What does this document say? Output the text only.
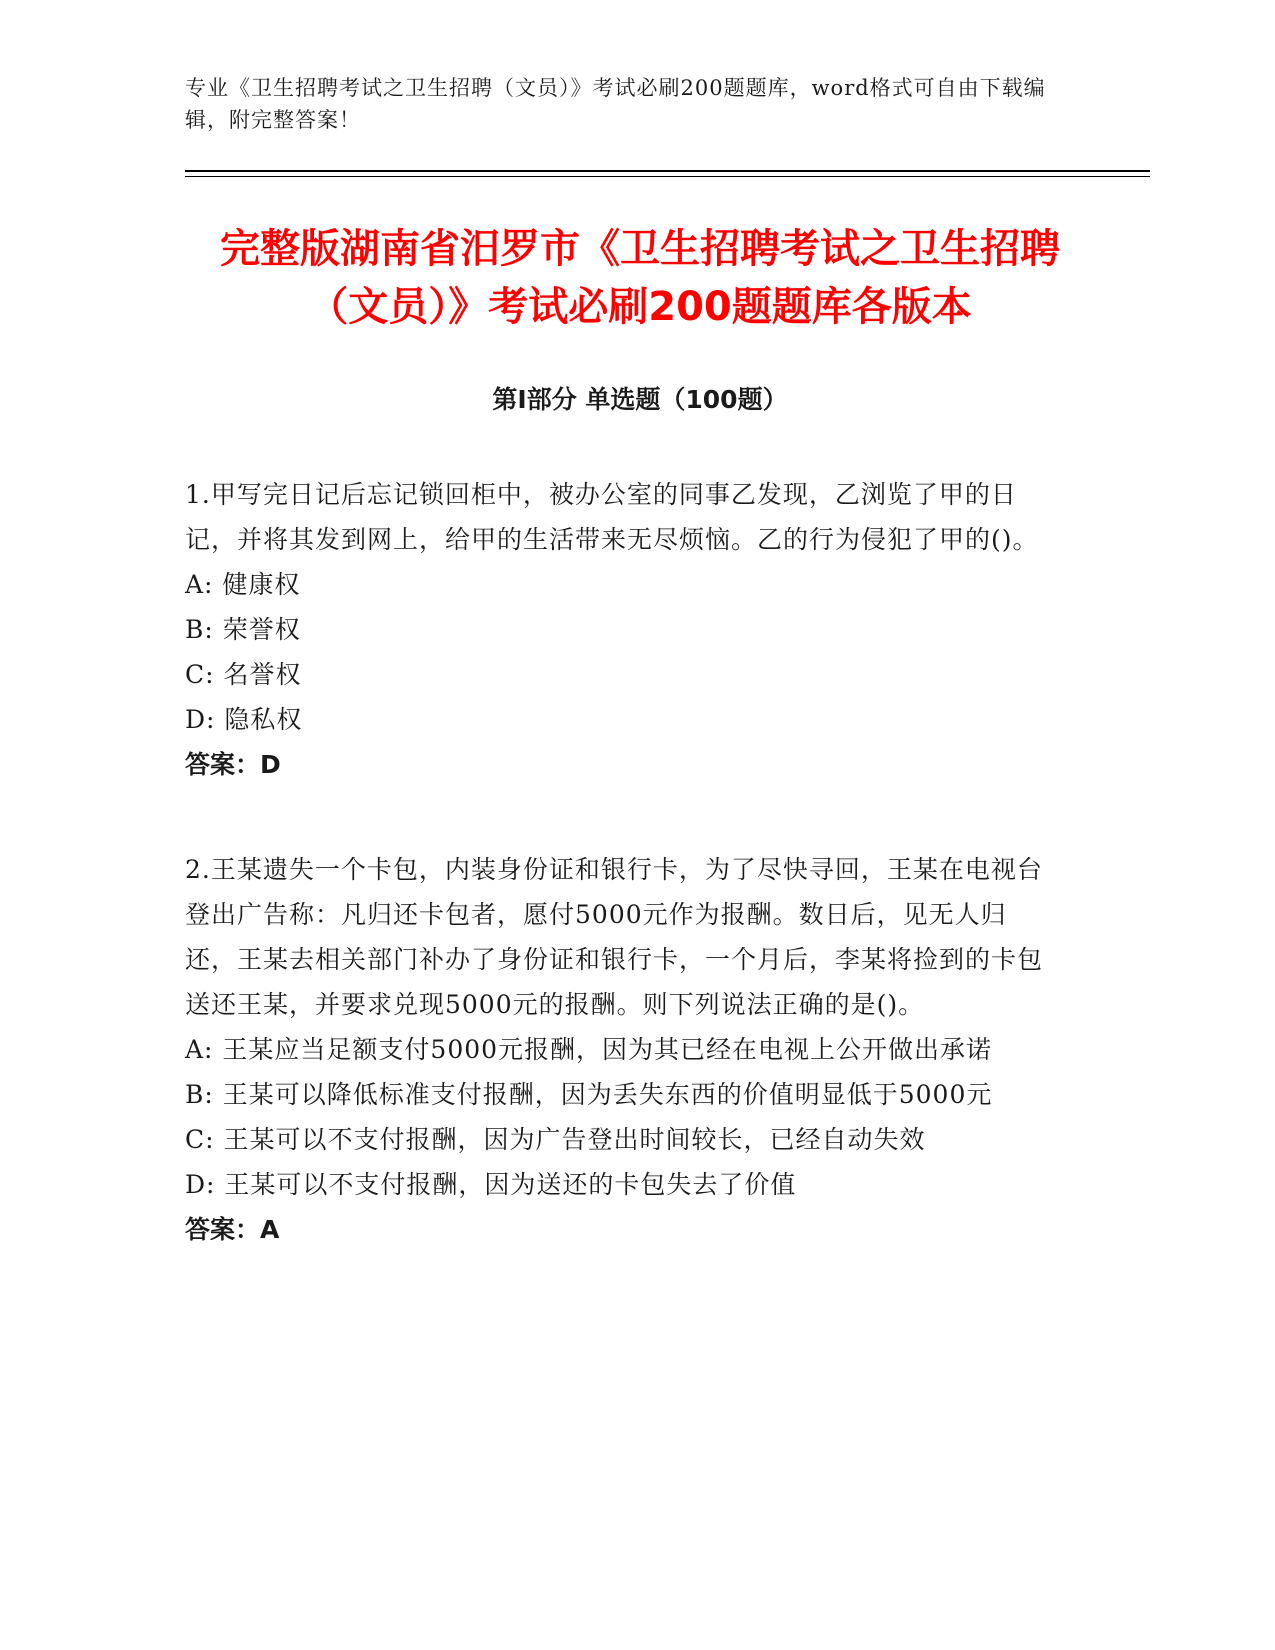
专业《卫生招聘考试之卫生招聘（文员）》考试必刷200题题库，word格式可自由下载编辑，附完整答案！
完整版湖南省汨罗市《卫生招聘考试之卫生招聘（文员）》考试必刷200题题库各版本
第I部分 单选题（100题）
1.甲写完日记后忘记锁回柜中，被办公室的同事乙发现，乙浏览了甲的日记，并将其发到网上，给甲的生活带来无尽烦恼。乙的行为侵犯了甲的()。
A: 健康权
B: 荣誉权
C: 名誉权
D: 隐私权
答案：D
2.王某遗失一个卡包，内装身份证和银行卡，为了尽快寻回，王某在电视台登出广告称：凡归还卡包者，愿付5000元作为报酬。数日后，见无人归还，王某去相关部门补办了身份证和银行卡，一个月后，李某将捡到的卡包送还王某，并要求兑现5000元的报酬。则下列说法正确的是()。
A: 王某应当足额支付5000元报酬，因为其已经在电视上公开做出承诺
B: 王某可以降低标准支付报酬，因为丢失东西的价值明显低于5000元
C: 王某可以不支付报酬，因为广告登出时间较长，已经自动失效
D: 王某可以不支付报酬，因为送还的卡包失去了价值
答案：A
